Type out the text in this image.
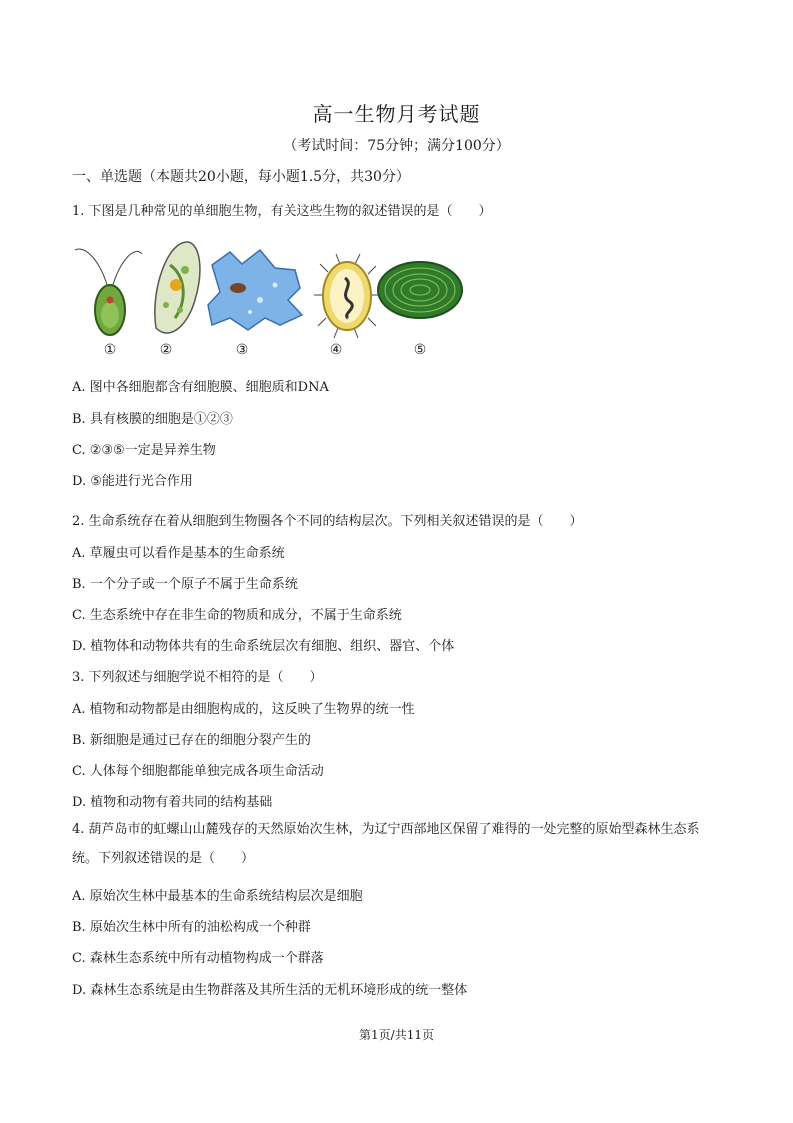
高一生物月考试题
（考试时间：75分钟；满分100分）
一、单选题（本题共20小题，每小题1.5分，共30分）
1. 下图是几种常见的单细胞生物，有关这些生物的叙述错误的是（　　）
①	②	③	④	⑤
A. 图中各细胞都含有细胞膜、细胞质和DNA
B. 具有核膜的细胞是①②③
C. ②③⑤一定是异养生物
D. ⑤能进行光合作用
2. 生命系统存在着从细胞到生物圈各个不同的结构层次。下列相关叙述错误的是（　　）
A. 草履虫可以看作是基本的生命系统
B. 一个分子或一个原子不属于生命系统
C. 生态系统中存在非生命的物质和成分，不属于生命系统
D. 植物体和动物体共有的生命系统层次有细胞、组织、器官、个体
3. 下列叙述与细胞学说不相符的是（　　）
A. 植物和动物都是由细胞构成的，这反映了生物界的统一性
B. 新细胞是通过已存在的细胞分裂产生的
C. 人体每个细胞都能单独完成各项生命活动
D. 植物和动物有着共同的结构基础
4. 葫芦岛市的虹螺山山麓残存的天然原始次生林，为辽宁西部地区保留了难得的一处完整的原始型森林生态系统。下列叙述错误的是（　　）
A. 原始次生林中最基本的生命系统结构层次是细胞
B. 原始次生林中所有的油松构成一个种群
C. 森林生态系统中所有动植物构成一个群落
D. 森林生态系统是由生物群落及其所生活的无机环境形成的统一整体
第1页/共11页
